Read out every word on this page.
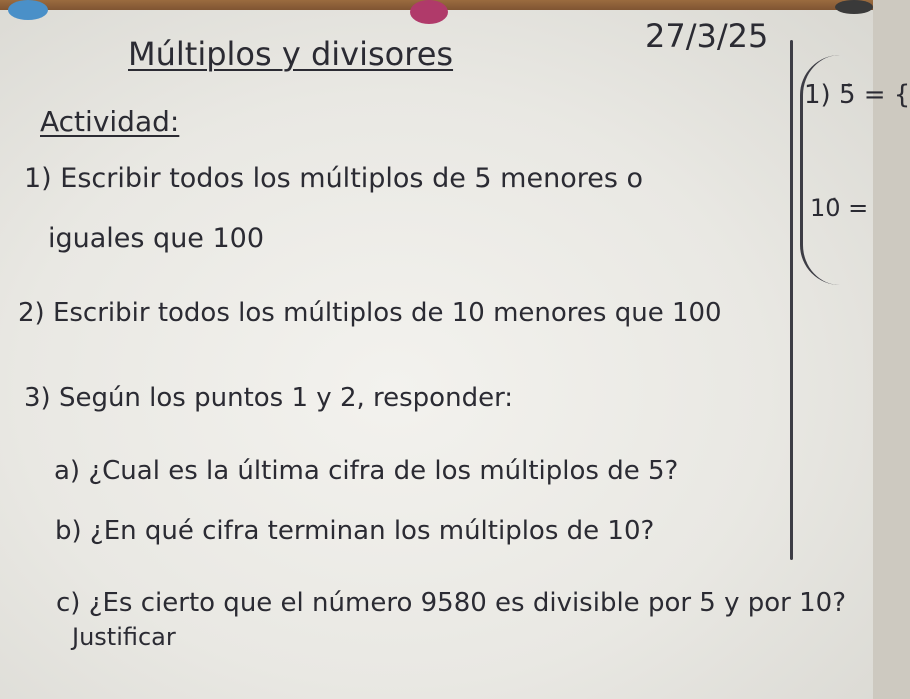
Múltiplos y divisores	27/3/25
Actividad:
1) Escribir todos los múltiplos de 5 menores o
iguales que 100
2) Escribir todos los múltiplos de 10 menores que 100
3) Según los puntos 1 y 2, responder:
a) ¿Cual es la última cifra de los múltiplos de 5?
b) ¿En qué cifra terminan los múltiplos de 10?
c) ¿Es cierto que el número 9580 es divisible por 5 y por 10?
Justificar
1) 5̇ = {
10̇ =
